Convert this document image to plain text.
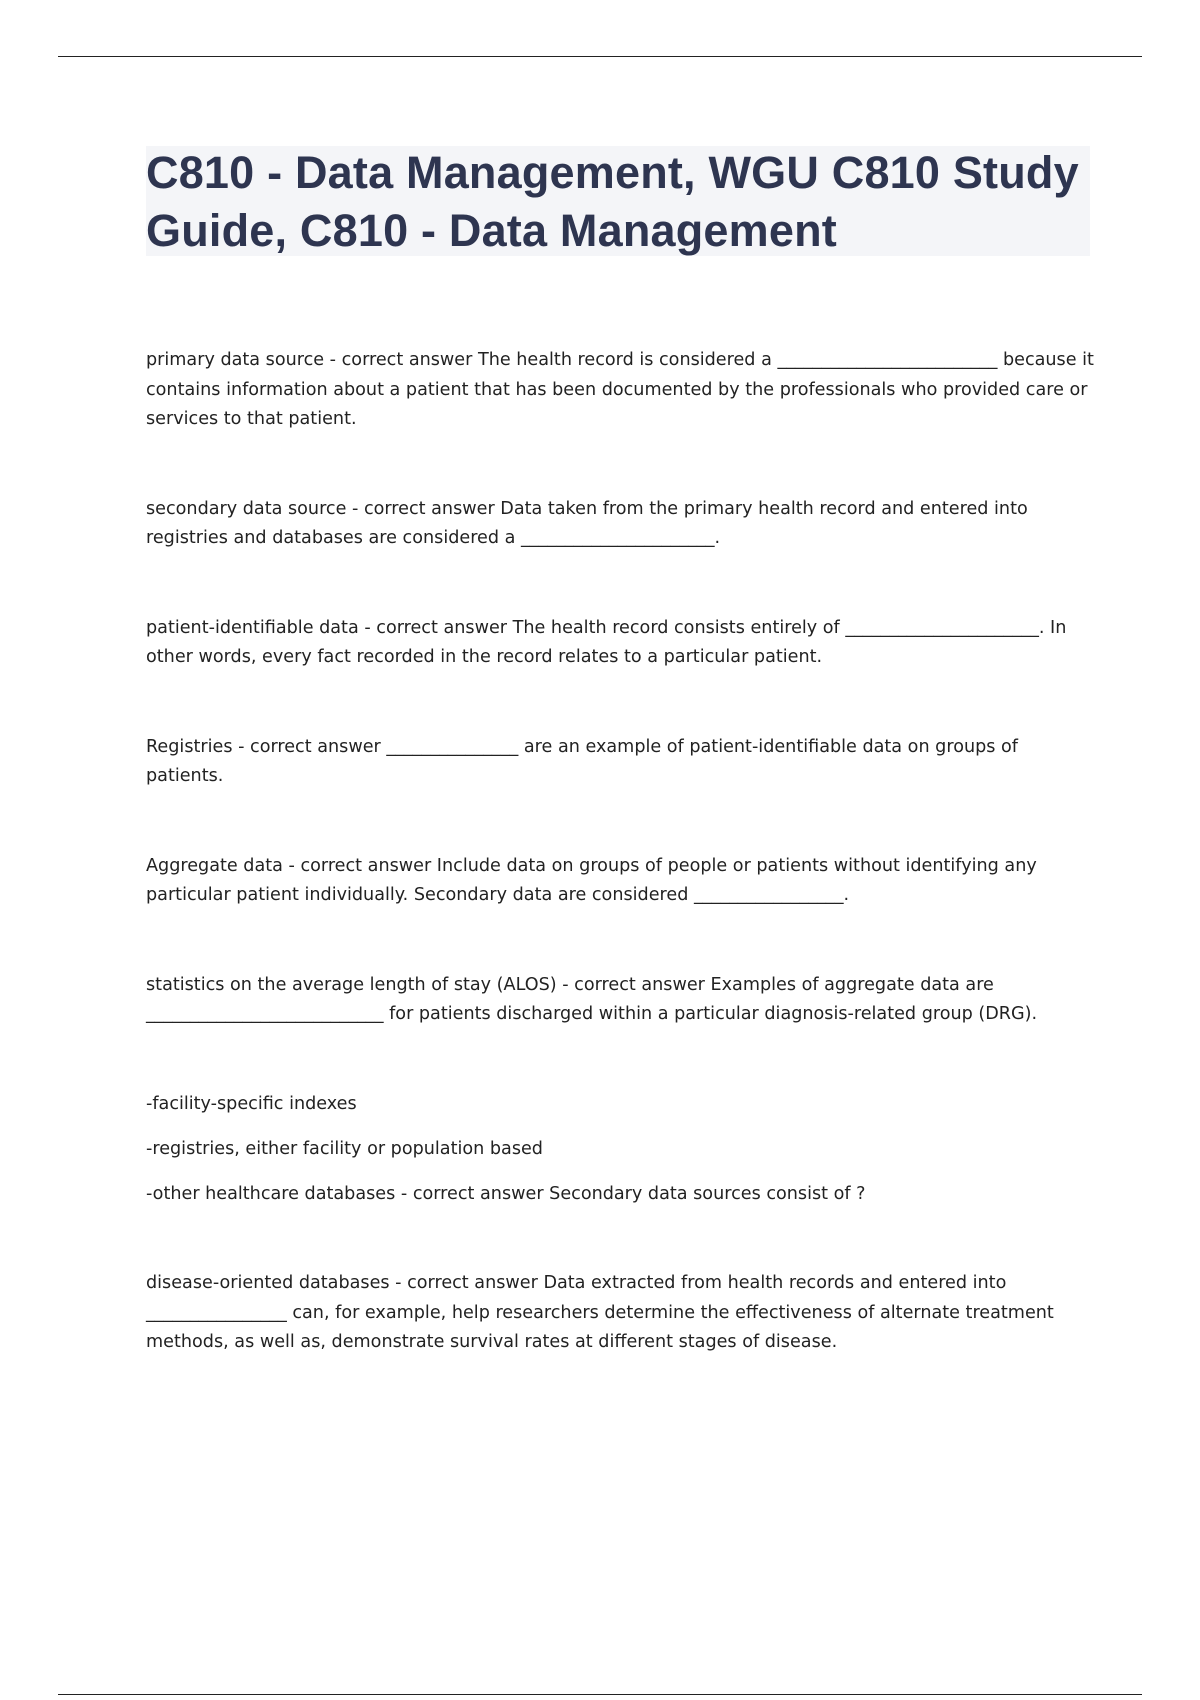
C810 - Data Management, WGU C810 Study Guide, C810 - Data Management

primary data source - correct answer The health record is considered a _________________________ because it contains information about a patient that has been documented by the professionals who provided care or services to that patient.

secondary data source - correct answer Data taken from the primary health record and entered into registries and databases are considered a ______________________.

patient-identifiable data - correct answer The health record consists entirely of ______________________. In other words, every fact recorded in the record relates to a particular patient.

Registries - correct answer _______________ are an example of patient-identifiable data on groups of patients.

Aggregate data - correct answer Include data on groups of people or patients without identifying any particular patient individually. Secondary data are considered _________________.

statistics on the average length of stay (ALOS) - correct answer Examples of aggregate data are ___________________________ for patients discharged within a particular diagnosis-related group (DRG).

-facility-specific indexes

-registries, either facility or population based

-other healthcare databases - correct answer Secondary data sources consist of ?

disease-oriented databases - correct answer Data extracted from health records and entered into ________________ can, for example, help researchers determine the effectiveness of alternate treatment methods, as well as, demonstrate survival rates at different stages of disease.
